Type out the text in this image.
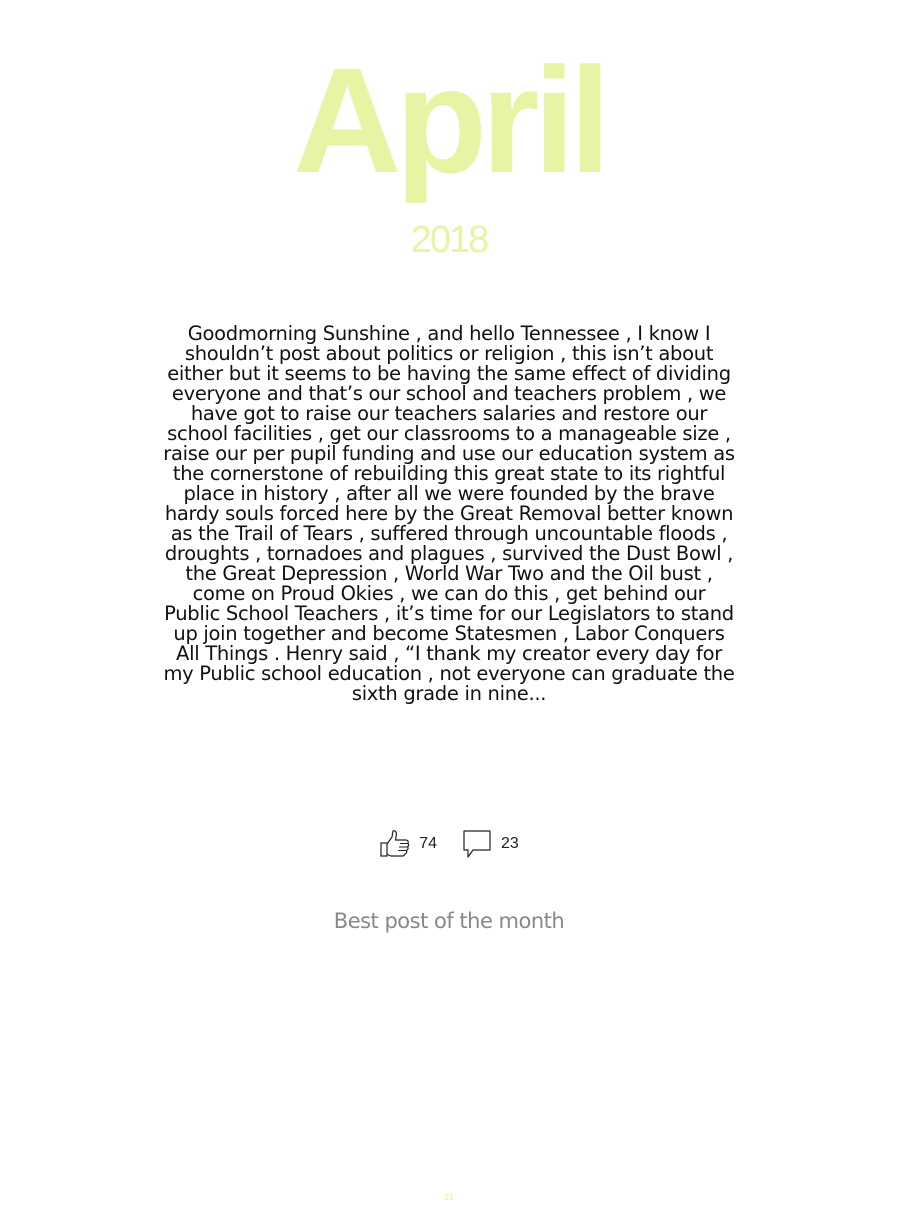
April
2018
Goodmorning Sunshine , and hello Tennessee , I know I shouldn’t post about politics or religion , this isn’t about either but it seems to be having the same effect of dividing everyone and that’s our school and teachers problem , we have got to raise our teachers salaries and restore our school facilities , get our classrooms to a manageable size , raise our per pupil funding and use our education system as the cornerstone of rebuilding this great state to its rightful place in history , after all we were founded by the brave hardy souls forced here by the Great Removal better known as the Trail of Tears , suffered through uncountable floods , droughts , tornadoes and plagues , survived the Dust Bowl , the Great Depression , World War Two and the Oil bust , come on Proud Okies , we can do this , get behind our Public School Teachers , it’s time for our Legislators to stand up join together and become Statesmen , Labor Conquers All Things . Henry said , “I thank my creator every day for my Public school education , not everyone can graduate the sixth grade in nine...
74	23
Best post of the month
31
